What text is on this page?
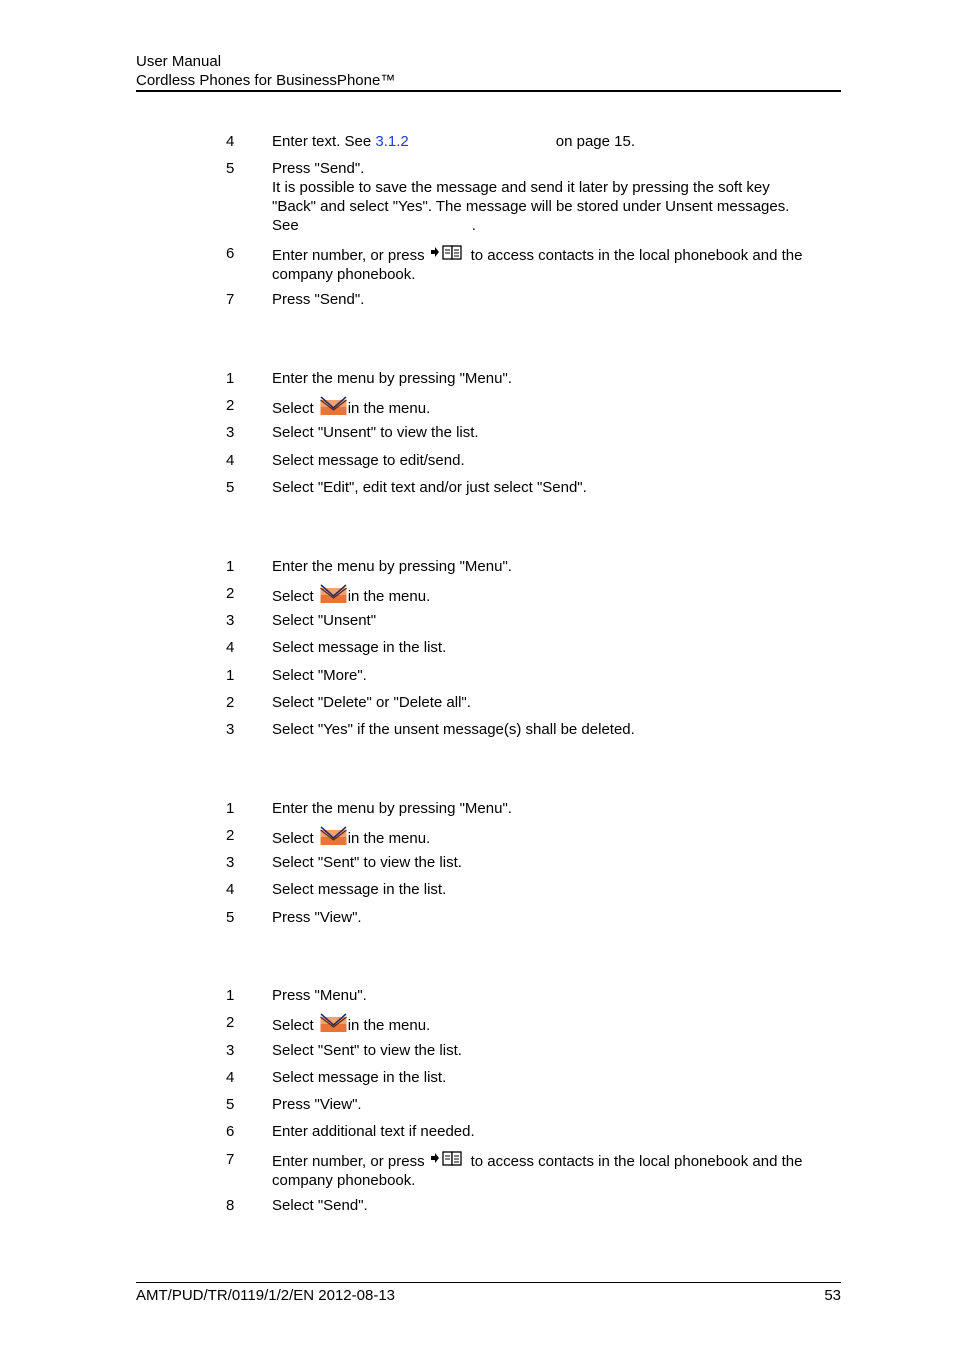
User Manual
Cordless Phones for BusinessPhone™
4	Enter text. See 3.1.2	on page 15.
5	Press "Send".
It is possible to save the message and send it later by pressing the soft key
"Back" and select "Yes". The message will be stored under Unsent messages.
See	.
6	Enter number, or press	to access contacts in the local phonebook and the
company phonebook.
7	Press "Send".
1	Enter the menu by pressing "Menu".
2	Select in the menu.
3	Select "Unsent" to view the list.
4	Select message to edit/send.
5	Select "Edit", edit text and/or just select "Send".
1	Enter the menu by pressing "Menu".
2	Select in the menu.
3	Select "Unsent"
4	Select message in the list.
1	Select "More".
2	Select "Delete" or "Delete all".
3	Select "Yes" if the unsent message(s) shall be deleted.
1	Enter the menu by pressing "Menu".
2	Select in the menu.
3	Select "Sent" to view the list.
4	Select message in the list.
5	Press "View".
1	Press "Menu".
2	Select in the menu.
3	Select "Sent" to view the list.
4	Select message in the list.
5	Press "View".
6	Enter additional text if needed.
7	Enter number, or press	to access contacts in the local phonebook and the
company phonebook.
8	Select "Send".
AMT/PUD/TR/0119/1/2/EN 2012-08-13	53
